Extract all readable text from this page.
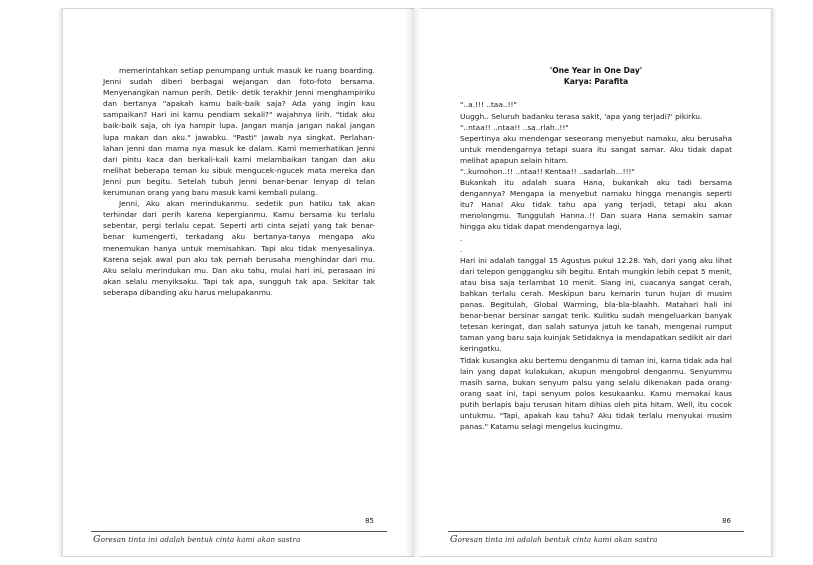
memerintahkan setiap penumpang untuk masuk ke ruang boarding. Jenni sudah diberi berbagai wejangan dan foto-foto bersama. Menyenangkan namun perih. Detik- detik terakhir Jenni menghampiriku dan bertanya "apakah kamu baik-baik saja? Ada yang ingin kau sampaikan? Hari ini kamu pendiam sekali?" wajahnya lirih. "tidak aku baik-baik saja, oh iya hampir lupa. Jangan manja jangan nakal jangan lupa makan dan aku." jawabku. "Pasti" jawab nya singkat. Perlahan-lahan jenni dan mama nya masuk ke dalam. Kami memerhatikan Jenni dari pintu kaca dan berkali-kali kami melambaikan tangan dan aku melihat beberapa teman ku sibuk mengucek-ngucek mata mereka dan Jenni pun begitu. Setelah tubuh Jenni benar-benar lenyap di telan kerumunan orang yang baru masuk kami kembali pulang.

Jenni, Aku akan merindukanmu. sedetik pun hatiku tak akan terhindar dari perih karena kepergianmu. Kamu bersama ku terlalu sebentar, pergi terlalu cepat. Seperti arti cinta sejati yang tak benar-benar kumengerti, terkadang aku bertanya-tanya mengapa aku menemukan hanya untuk memisahkan. Tapi aku tidak menyesalinya. Karena sejak awal pun aku tak pernah berusaha menghindar dari mu. Aku selalu merindukan mu. Dan aku tahu, mulai hari ini, perasaan ini akan selalu menyiksaku. Tapi tak apa, sungguh tak apa. Sekitar tak seberapa dibanding aku harus melupakanmu.

85
Goresan tinta ini adalah bentuk cinta kami akan sastra
'One Year in One Day'
Karya: Parafita

"..a.!!! ..taa..!!"

Uuggh.. Seluruh badanku terasa sakit, 'apa yang terjadi?' pikirku.

"..ntaa!! ..ntaa!! ..sa..rlah..!!"

Sepertinya aku mendengar seseorang menyebut namaku, aku berusaha untuk mendengarnya tetapi suara itu sangat samar. Aku tidak dapat melihat apapun selain hitam.

"..kumohon..!! ..ntaa!! Kentaa!! ..sadarlah...!!!"

Bukankah itu adalah suara Hana, bukankah aku tadi bersama dengannya? Mengapa ia menyebut namaku hingga menangis seperti itu? Hana! Aku tidak tahu apa yang terjadi, tetapi aku akan menolongmu. Tunggulah Hanna..!! Dan suara Hana semakin samar hingga aku tidak dapat mendengarnya lagi,

.

.

Hari ini adalah tanggal 15 Agustus pukul 12.28. Yah, dari yang aku lihat dari telepon genggangku sih begitu. Entah mungkin lebih cepat 5 menit, atau bisa saja terlambat 10 menit. Siang ini, cuacanya sangat cerah, bahkan terlalu cerah. Meskipun baru kemarin turun hujan di musim panas. Begitulah, Global Warming, bla-bla-blaahh. Matahari hali ini benar-benar bersinar sangat terik. Kulitku sudah mengeluarkan banyak tetesan keringat, dan salah satunya jatuh ke tanah, mengenai rumput taman yang baru saja kuinjak Setidaknya ia mendapatkan sedikit air dari keringatku.

Tidak kusangka aku bertemu denganmu di taman ini, karna tidak ada hal lain yang dapat kulakukan, akupun mengobrol denganmu. Senyummu masih sama, bukan senyum palsu yang selalu dikenakan pada orang-orang saat ini, tapi senyum polos kesukaanku. Kamu memakai kaus putih berlapis baju terusan hitam dihias oleh pita hitam. Well, itu cocok untukmu. "Tapi, apakah kau tahu? Aku tidak terlalu menyukai musim panas." Katamu selagi mengelus kucingmu.

86
Goresan tinta ini adalah bentuk cinta kami akan sastra
